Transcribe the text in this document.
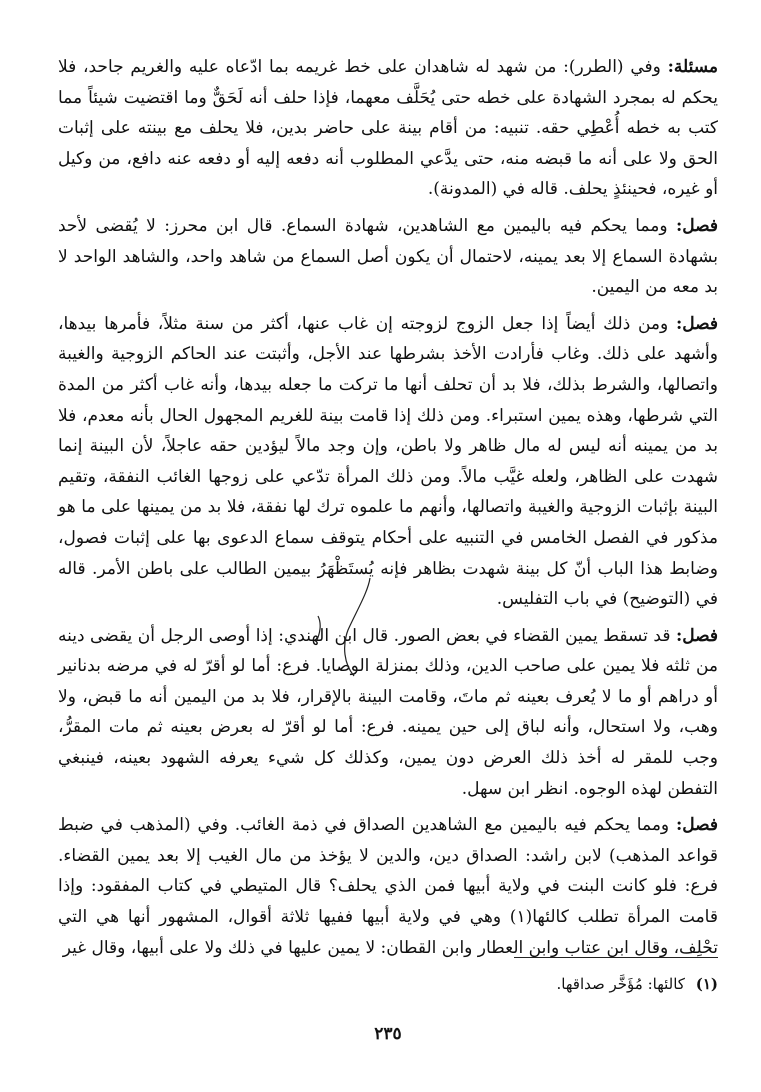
مسئلة: وفي (الطرر): من شهد له شاهدان على خط غريمه بما ادّعاه عليه والغريم جاحد، فلا يحكم له بمجرد الشهادة على خطه حتى يُحَلَّف معهما، فإذا حلف أنه لَحَقٌّ وما اقتضيت شيئاً مما كتب به خطه أُعْطِي حقه. تنبيه: من أقام بينة على حاضر بدين، فلا يحلف مع بينته على إثبات الحق ولا على أنه ما قبضه منه، حتى يدَّعي المطلوب أنه دفعه إليه أو دفعه عنه دافع، من وكيل أو غيره، فحينئذٍ يحلف. قاله في (المدونة).

فصل: ومما يحكم فيه باليمين مع الشاهدين، شهادة السماع. قال ابن محرز: لا يُقضى لأحد بشهادة السماع إلا بعد يمينه، لاحتمال أن يكون أصل السماع من شاهد واحد، والشاهد الواحد لا بد معه من اليمين.

فصل: ومن ذلك أيضاً إذا جعل الزوج لزوجته إن غاب عنها، أكثر من سنة مثلاً، فأمرها بيدها، وأشهد على ذلك. وغاب فأرادت الأخذ بشرطها عند الأجل، وأثبتت عند الحاكم الزوجية والغيبة واتصالها، والشرط بذلك، فلا بد أن تحلف أنها ما تركت ما جعله بيدها، وأنه غاب أكثر من المدة التي شرطها، وهذه يمين استبراء. ومن ذلك إذا قامت بينة للغريم المجهول الحال بأنه معدم، فلا بد من يمينه أنه ليس له مال ظاهر ولا باطن، وإن وجد مالاً ليؤدين حقه عاجلاً، لأن البينة إنما شهدت على الظاهر، ولعله غيَّب مالاً. ومن ذلك المرأة تدّعي على زوجها الغائب النفقة، وتقيم البينة بإثبات الزوجية والغيبة واتصالها، وأنهم ما علموه ترك لها نفقة، فلا بد من يمينها على ما هو مذكور في الفصل الخامس في التنبيه على أحكام يتوقف سماع الدعوى بها على إثبات فصول، وضابط هذا الباب أنّ كل بينة شهدت بظاهر فإنه يُستَظْهَرُ بيمين الطالب على باطن الأمر. قاله في (التوضيح) في باب التفليس.

فصل: قد تسقط يمين القضاء في بعض الصور. قال ابن الهندي: إذا أوصى الرجل أن يقضى دينه من ثلثه فلا يمين على صاحب الدين، وذلك بمنزلة الوصايا. فرع: أما لو أقرّ له في مرضه بدنانير أو دراهم أو ما لا يُعرف بعينه ثم ماتَ، وقامت البينة بالإقرار، فلا بد من اليمين أنه ما قبض، ولا وهب، ولا استحال، وأنه لباق إلى حين يمينه. فرع: أما لو أقرّ له بعرض بعينه ثم مات المقرُّ، وجب للمقر له أخذ ذلك العرض دون يمين، وكذلك كل شيء يعرفه الشهود بعينه، فينبغي التفطن لهذه الوجوه. انظر ابن سهل.

فصل: ومما يحكم فيه باليمين مع الشاهدين الصداق في ذمة الغائب. وفي (المذهب في ضبط قواعد المذهب) لابن راشد: الصداق دين، والدين لا يؤخذ من مال الغيب إلا بعد يمين القضاء. فرع: فلو كانت البنت في ولاية أبيها فمن الذي يحلف؟ قال المتيطي في كتاب المفقود: وإذا قامت المرأة تطلب كالئها(١) وهي في ولاية أبيها ففيها ثلاثة أقوال، المشهور أنها هي التي تحْلِف، وقال ابن عتاب وابن العطار وابن القطان: لا يمين عليها في ذلك ولا على أبيها، وقال غير

(١) كالئها: مُؤَخَّر صداقها.
٢٣٥
